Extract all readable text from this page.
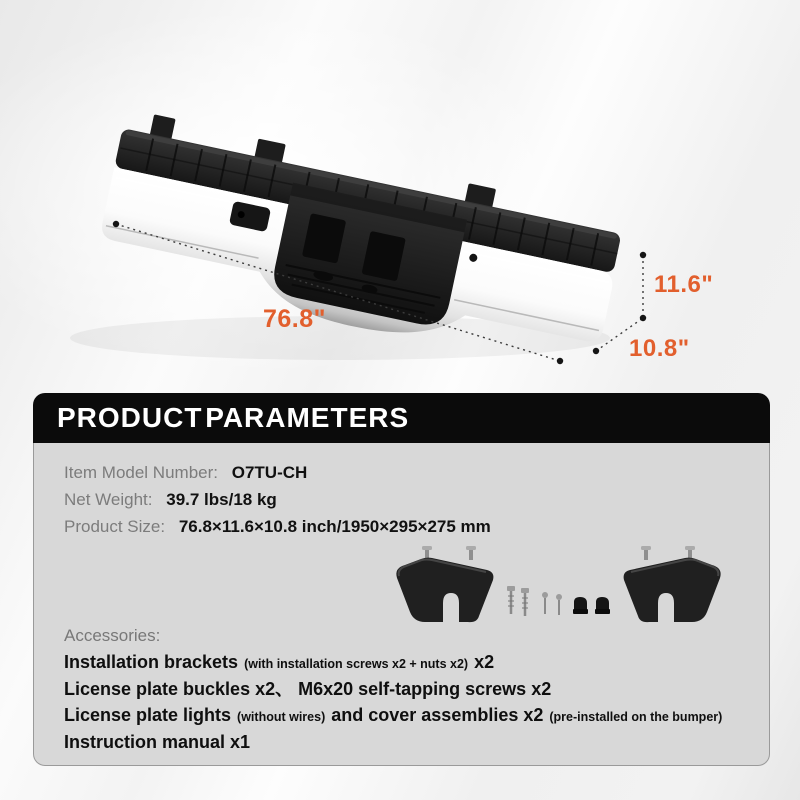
76.8"
11.6"
10.8"
PRODUCT PARAMETERS
Item Model Number: O7TU-CH
Net Weight: 39.7 lbs/18 kg
Product Size: 76.8×11.6×10.8 inch/1950×295×275 mm
Accessories:
Installation brackets (with installation screws x2 + nuts x2) x2
License plate buckles x2、 M6x20 self-tapping screws x2
License plate lights (without wires) and cover assemblies x2 (pre-installed on the bumper)
Instruction manual x1
